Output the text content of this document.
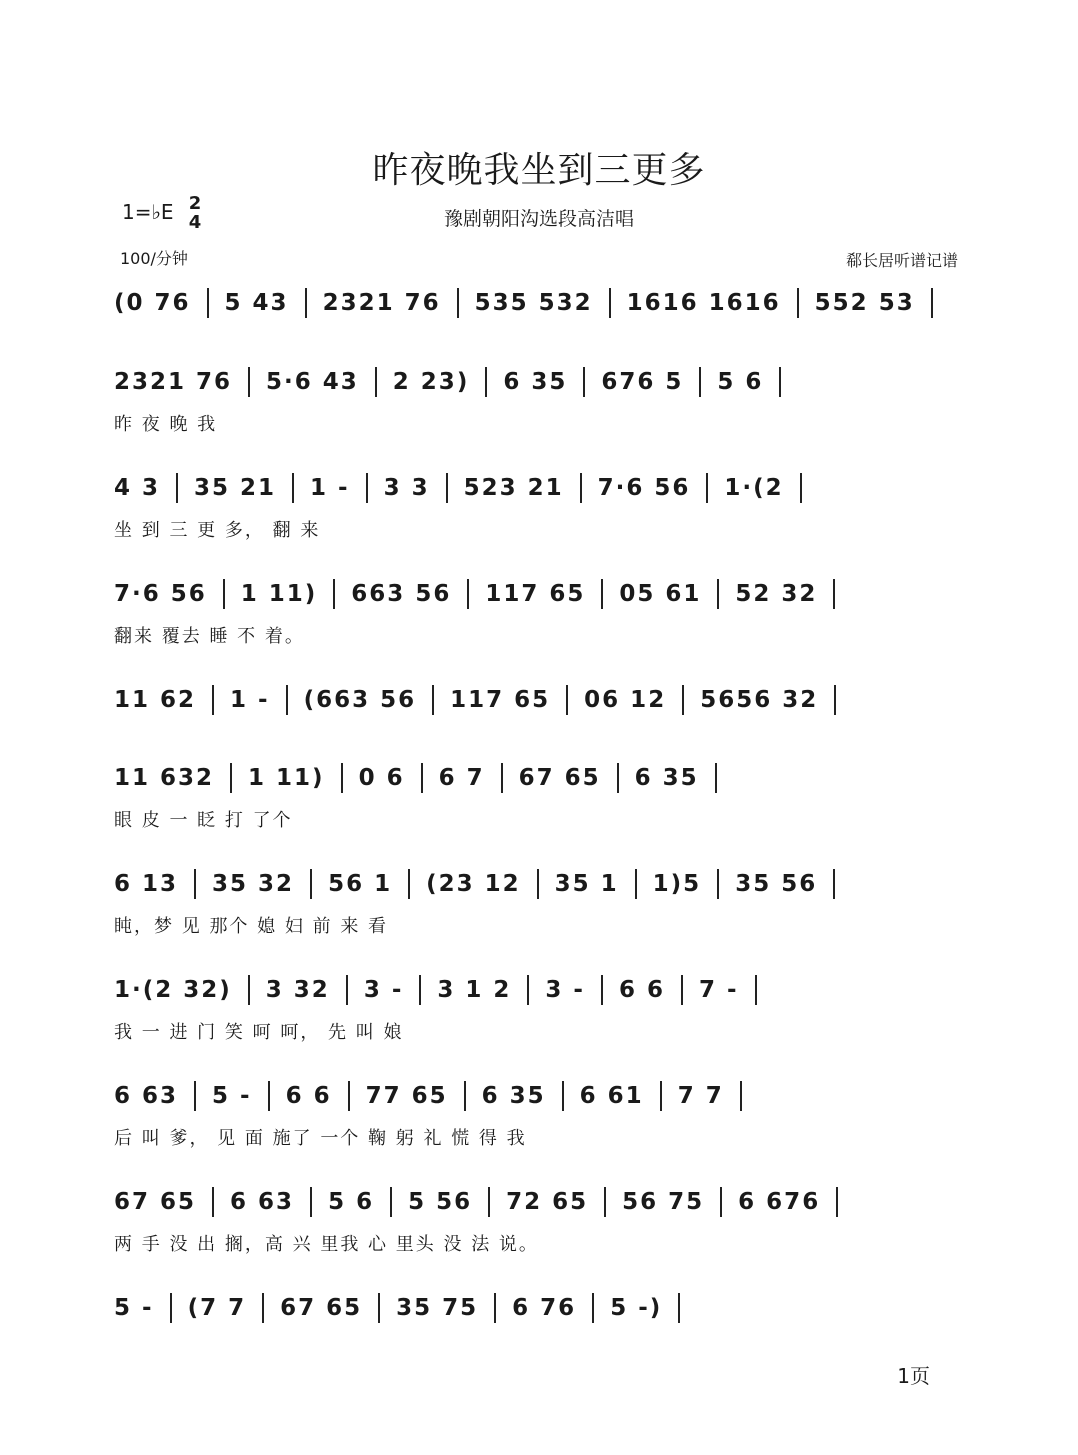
昨夜晚我坐到三更多
豫剧朝阳沟选段高洁唱
1=♭E 2
4
100/分钟	郗长居听谱记谱
(0 76	5 43	2321 76	535 532	1616 1616	552 53
2321 76	5·6 43	2 23)	6 35	676 5	5 6
昨 夜 晚 我
4 3	35 21	1 -	3 3	523 21	7·6 56	1·(2
坐 到 三 更 多， 翻 来
7·6 56	1 11)	663 56	117 65	05 61	52 32
翻来 覆去 睡 不 着。
11 62	1 -	(663 56	117 65	06 12	5656 32
11 632	1 11)	0 6	6 7	67 65	6 35
眼 皮 一 眨 打 了个
6 13	35 32	56 1	(23 12	35 1	1)5	35 56
盹，梦 见 那个 媳 妇 前 来 看
1·(2 32)	3 32	3 -	3 1 2	3 -	6 6	7 -
我 一 进 门 笑 呵 呵， 先 叫 娘
6 63	5 -	6 6	77 65	6 35	6 61	7 7
后 叫 爹， 见 面 施了 一个 鞠 躬 礼 慌 得 我
67 65	6 63	5 6	5 56	72 65	56 75	6 676
两 手 没 出 搁，高 兴 里我 心 里头 没 法 说。
5 -	(7 7	67 65	35 75	6 76	5 -)
1页
